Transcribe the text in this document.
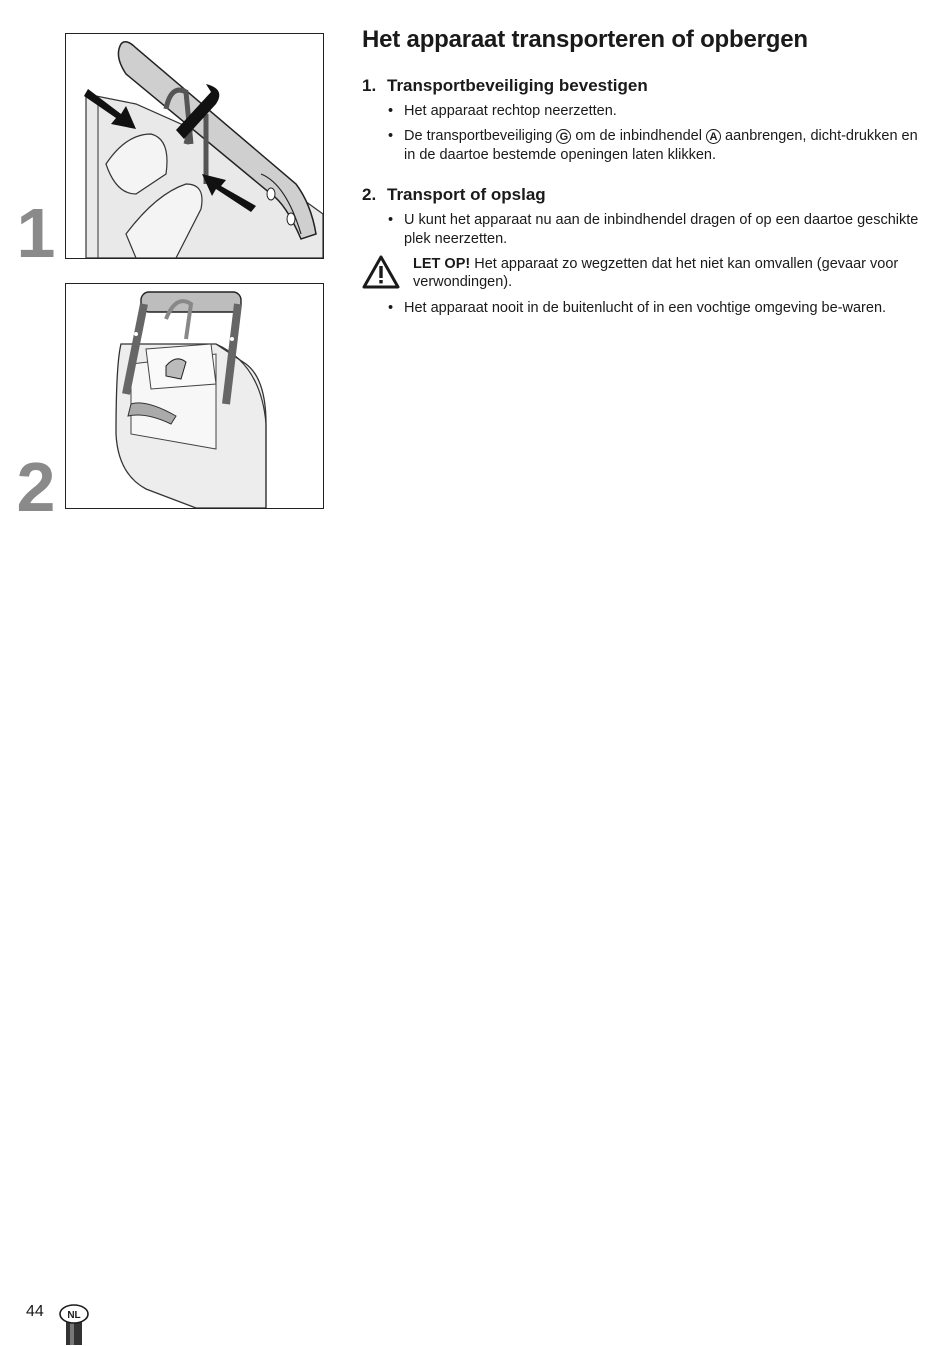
1
2
Het apparaat transporteren of opbergen
1. Transportbeveiliging bevestigen
• Het apparaat rechtop neerzetten.
• De transportbeveiliging G om de inbindhendel A aanbrengen, dicht-drukken en in de daartoe bestemde openingen laten klikken.
2. Transport of opslag
• U kunt het apparaat nu aan de inbindhendel dragen of op een daartoe geschikte plek neerzetten.
LET OP! Het apparaat zo wegzetten dat het niet kan omvallen (gevaar voor verwondingen).
• Het apparaat nooit in de buitenlucht of in een vochtige omgeving be-waren.
44 NL
